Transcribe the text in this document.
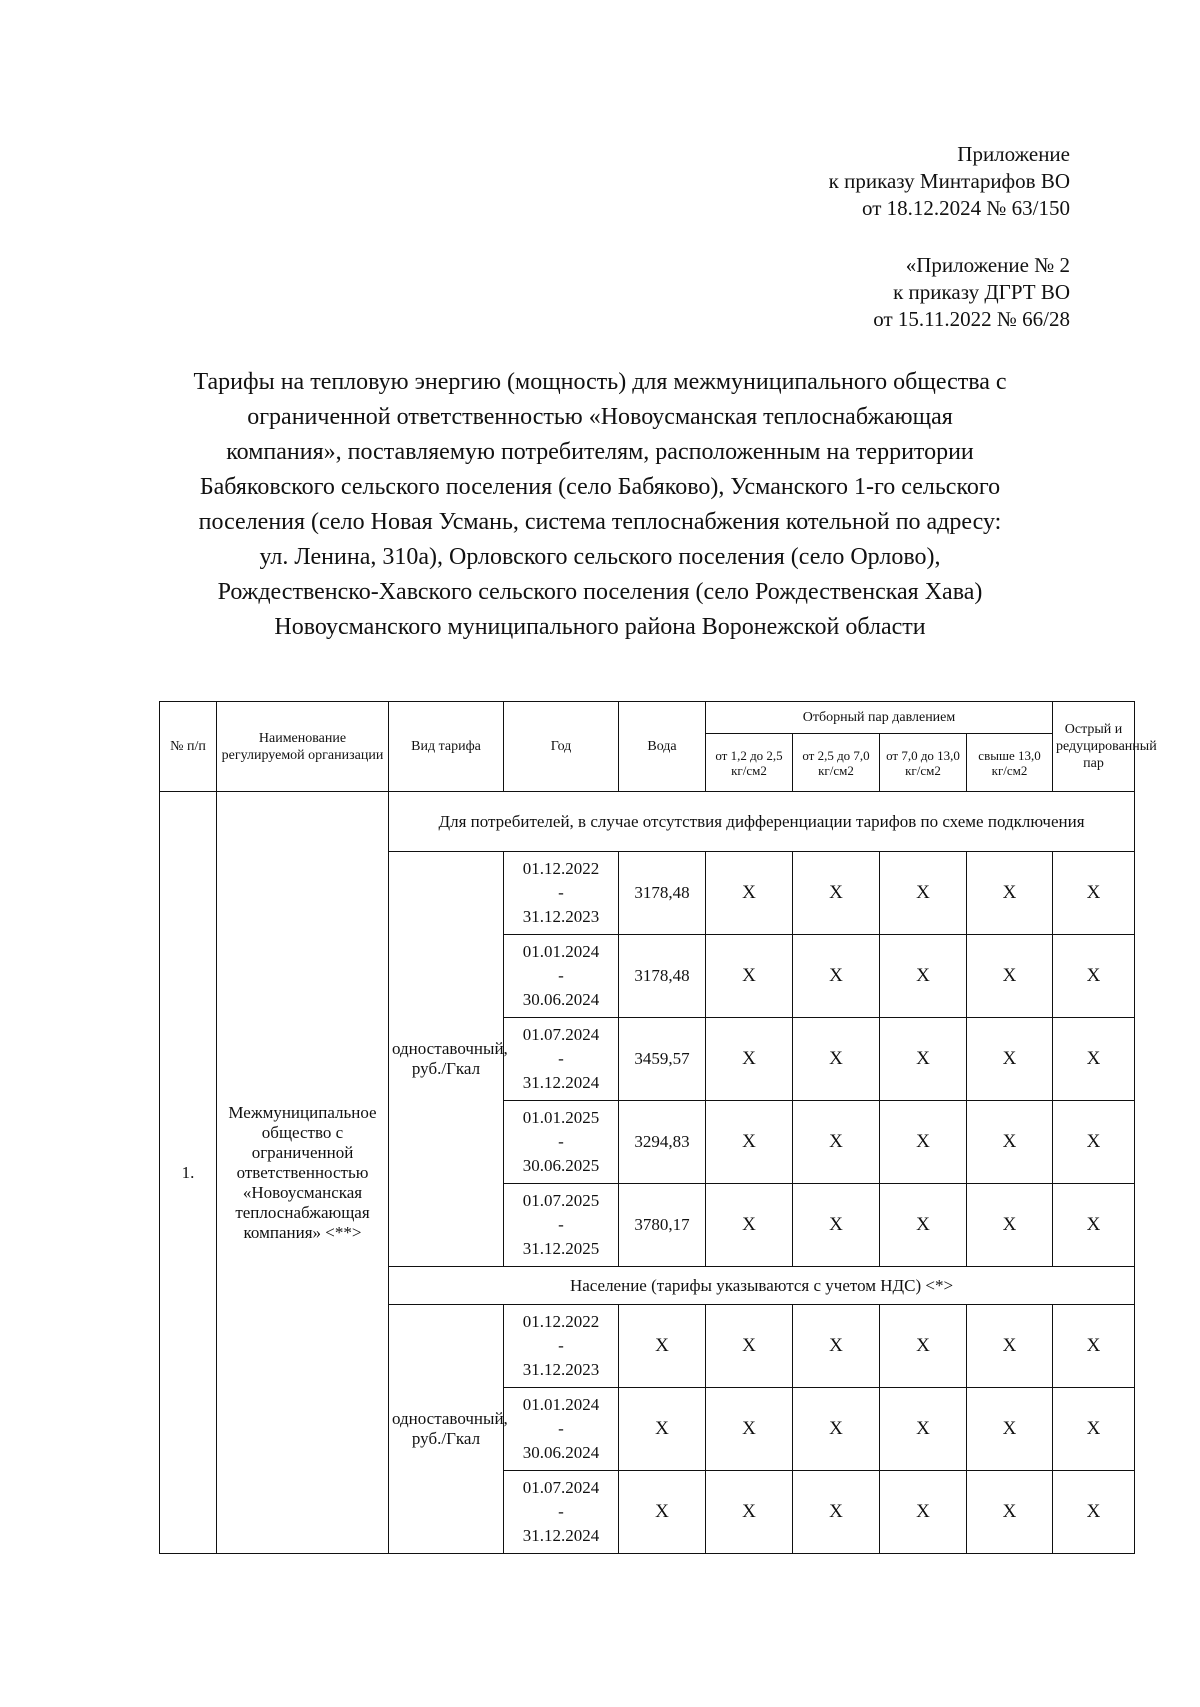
Приложение
к приказу Минтарифов ВО
от 18.12.2024 № 63/150
«Приложение № 2
к приказу ДГРТ ВО
от 15.11.2022 № 66/28
Тарифы на тепловую энергию (мощность) для межмуниципального общества с
ограниченной ответственностью «Новоусманская теплоснабжающая
компания», поставляемую потребителям, расположенным на территории
Бабяковского сельского поселения (село Бабяково), Усманского 1-го сельского
поселения (село Новая Усмань, система теплоснабжения котельной по адресу:
ул. Ленина, 310а), Орловского сельского поселения (село Орлово),
Рождественско-Хавского сельского поселения (село Рождественская Хава)
Новоусманского муниципального района Воронежской области
№ п/п	Наименование регулируемой организации	Вид тарифа	Год	Вода	Отборный пар давлением				Острый и редуцированный пар
					от 1,2 до 2,5 кг/см2	от 2,5 до 7,0 кг/см2	от 7,0 до 13,0 кг/см2	свыше 13,0 кг/см2	
1.	Межмуниципальное общество с ограниченной ответственностью «Новоусманская теплоснабжающая компания» <**>	Для потребителей, в случае отсутствия дифференциации тарифов по схеме подключения							
		одноставочный, руб./Гкал	01.12.2022
-
31.12.2023	3178,48	X	X	X	X	X

			01.01.2024
-
30.06.2024	3178,48	X	X	X	X	X

			01.07.2024
-
31.12.2024	3459,57	X	X	X	X	X

			01.01.2025
-
30.06.2025	3294,83	X	X	X	X	X

			01.07.2025
-
31.12.2025	3780,17	X	X	X	X	X
		Население (тарифы указываются с учетом НДС) <*>							
		одноставочный, руб./Гкал	01.12.2022
-
31.12.2023	X	X	X	X	X	X

			01.01.2024
-
30.06.2024	X	X	X	X	X	X

			01.07.2024
-
31.12.2024	X	X	X	X	X	X
